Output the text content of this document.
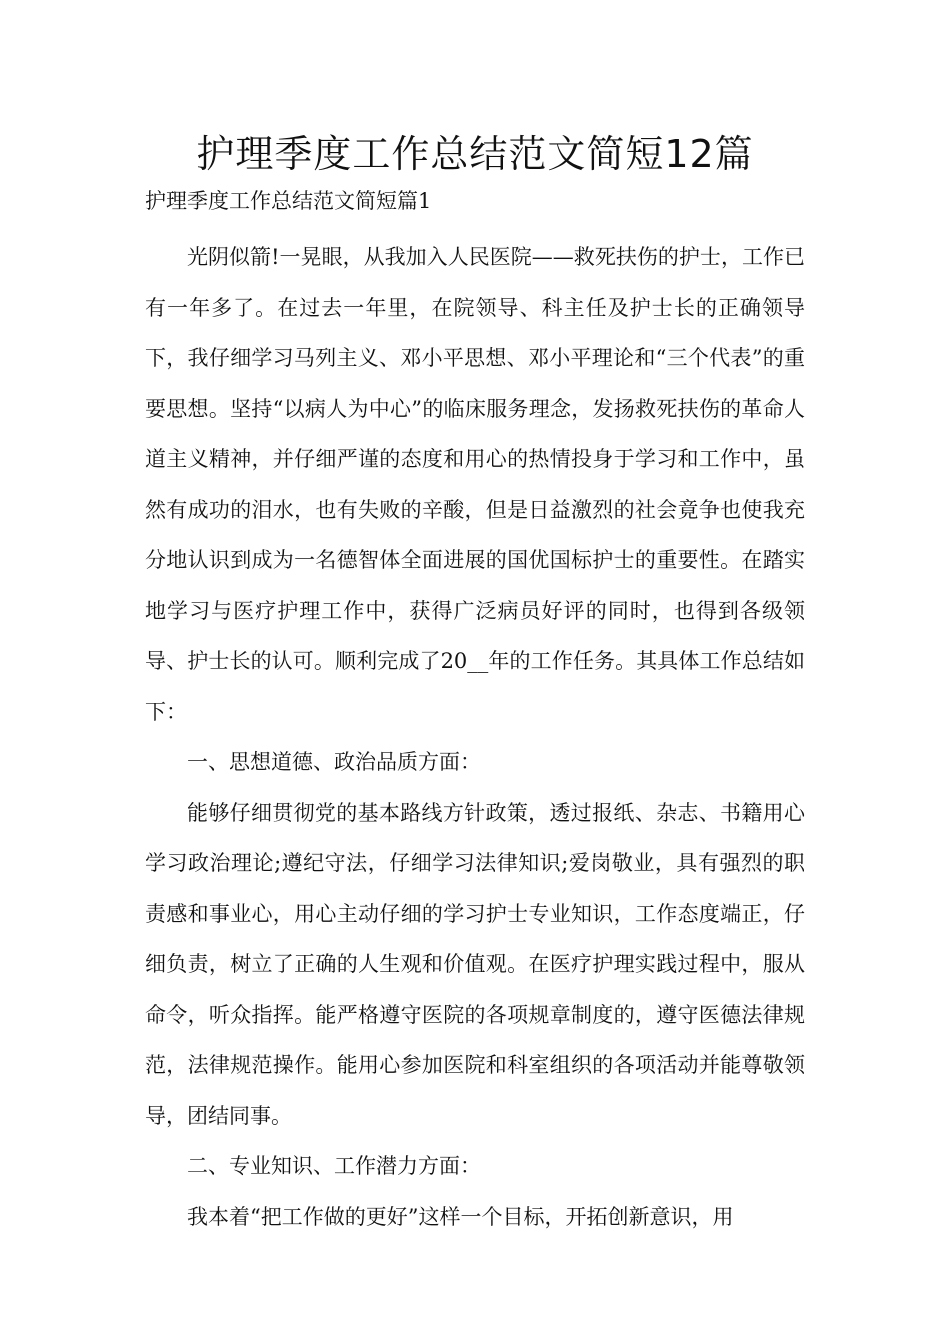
护理季度工作总结范文简短12篇

护理季度工作总结范文简短篇1

光阴似箭!一晃眼，从我加入人民医院——救死扶伤的护士，工作已有一年多了。在过去一年里，在院领导、科主任及护士长的正确领导下，我仔细学习马列主义、邓小平思想、邓小平理论和“三个代表”的重要思想。坚持“以病人为中心”的临床服务理念，发扬救死扶伤的革命人道主义精神，并仔细严谨的态度和用心的热情投身于学习和工作中，虽然有成功的泪水，也有失败的辛酸，但是日益激烈的社会竟争也使我充分地认识到成为一名德智体全面进展的国优国标护士的重要性。在踏实地学习与医疗护理工作中，获得广泛病员好评的同时，也得到各级领导、护士长的认可。顺利完成了20__年的工作任务。其具体工作总结如下：

一、思想道德、政治品质方面：

能够仔细贯彻党的基本路线方针政策，透过报纸、杂志、书籍用心学习政治理论;遵纪守法，仔细学习法律知识;爱岗敬业，具有强烈的职责感和事业心，用心主动仔细的学习护士专业知识，工作态度端正，仔细负责，树立了正确的人生观和价值观。在医疗护理实践过程中，服从命令，听众指挥。能严格遵守医院的各项规章制度的，遵守医德法律规范，法律规范操作。能用心参加医院和科室组织的各项活动并能尊敬领导，团结同事。

二、专业知识、工作潜力方面：

我本着“把工作做的更好”这样一个目标，开拓创新意识，用
